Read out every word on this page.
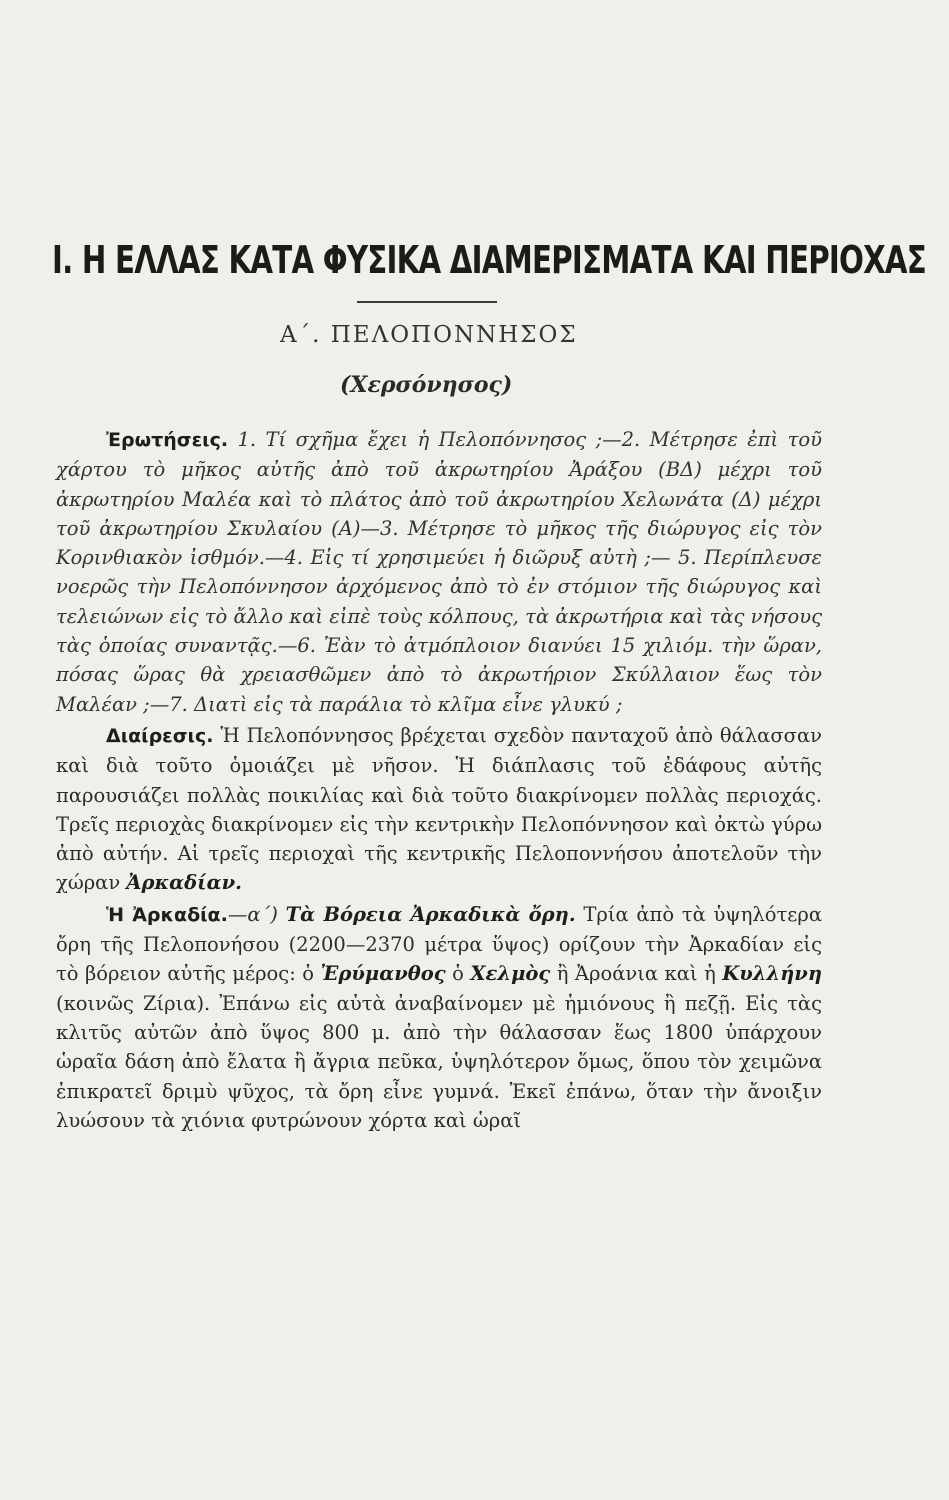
I. Η ΕΛΛΑΣ ΚΑΤΑ ΦΥΣΙΚΑ ΔΙΑΜΕΡΙΣΜΑΤΑ ΚΑΙ ΠΕΡΙΟΧΑΣ
Α΄. ΠΕΛΟΠΟΝΝΗΣΟΣ
(Χερσόνησος)

Ἐρωτήσεις. 1. Τί σχῆμα ἔχει ἡ Πελοπόννησος ;—2. Μέτρησε ἐπὶ τοῦ χάρτου τὸ μῆκος αὐτῆς ἀπὸ τοῦ ἀκρωτηρίου Ἀράξου (ΒΔ) μέχρι τοῦ ἀκρωτηρίου Μαλέα καὶ τὸ πλάτος ἀπὸ τοῦ ἀκρωτηρίου Χελωνάτα (Δ) μέχρι τοῦ ἀκρωτηρίου Σκυλαίου (Α)—3. Μέτρησε τὸ μῆκος τῆς διώρυγος εἰς τὸν Κορινθιακὸν ἰσθμόν.—4. Εἰς τί χρησιμεύει ἡ διῶρυξ αὐτὴ ;— 5. Περίπλευσε νοερῶς τὴν Πελοπόννησον ἀρχόμενος ἀπὸ τὸ ἐν στόμιον τῆς διώρυγος καὶ τελειώνων εἰς τὸ ἄλλο καὶ εἰπὲ τοὺς κόλπους, τὰ ἀκρωτήρια καὶ τὰς νήσους τὰς ὁποίας συναντᾷς.—6. Ἐὰν τὸ ἀτμόπλοιον διανύει 15 χιλιόμ. τὴν ὥραν, πόσας ὥρας θὰ χρειασθῶμεν ἀπὸ τὸ ἀκρωτήριον Σκύλλαιον ἕως τὸν Μαλέαν ;—7. Διατὶ εἰς τὰ παράλια τὸ κλῖμα εἶνε γλυκύ ;

Διαίρεσις. Ἡ Πελοπόννησος βρέχεται σχεδὸν πανταχοῦ ἀπὸ θάλασσαν καὶ διὰ τοῦτο ὁμοιάζει μὲ νῆσον. Ἡ διάπλασις τοῦ ἐδάφους αὐτῆς παρουσιάζει πολλὰς ποικιλίας καὶ διὰ τοῦτο διακρίνομεν πολλὰς περιοχάς. Τρεῖς περιοχὰς διακρίνομεν εἰς τὴν κεντρικὴν Πελοπόννησον καὶ ὀκτὼ γύρω ἀπὸ αὐτήν. Αἱ τρεῖς περιοχαὶ τῆς κεντρικῆς Πελοποννήσου ἀποτελοῦν τὴν χώραν Ἀρκαδίαν.

Ἡ Ἀρκαδία.—α΄) Τὰ Βόρεια Ἀρκαδικὰ ὄρη. Τρία ἀπὸ τὰ ὑψηλότερα ὄρη τῆς Πελοπονήσου (2200—2370 μέτρα ὕψος) ορίζουν τὴν Ἀρκαδίαν εἰς τὸ βόρειον αὐτῆς μέρος: ὁ Ἐρύμανθος ὁ Χελμὸς ἢ Ἀροάνια καὶ ἡ Κυλλήνη (κοινῶς Ζίρια). Ἐπάνω εἰς αὐτὰ ἀναβαίνομεν μὲ ἡμιόνους ἢ πεζῇ. Εἰς τὰς κλιτῦς αὐτῶν ἀπὸ ὕψος 800 μ. ἀπὸ τὴν θάλασσαν ἕως 1800 ὑπάρχουν ὡραῖα δάση ἀπὸ ἔλατα ἢ ἄγρια πεῦκα, ὑψηλότερον ὅμως, ὅπου τὸν χειμῶνα ἐπικρατεῖ δριμὺ ψῦχος, τὰ ὄρη εἶνε γυμνά. Ἐκεῖ ἐπάνω, ὅταν τὴν ἄνοιξιν λυώσουν τὰ χιόνια φυτρώνουν χόρτα καὶ ὡραῖ
